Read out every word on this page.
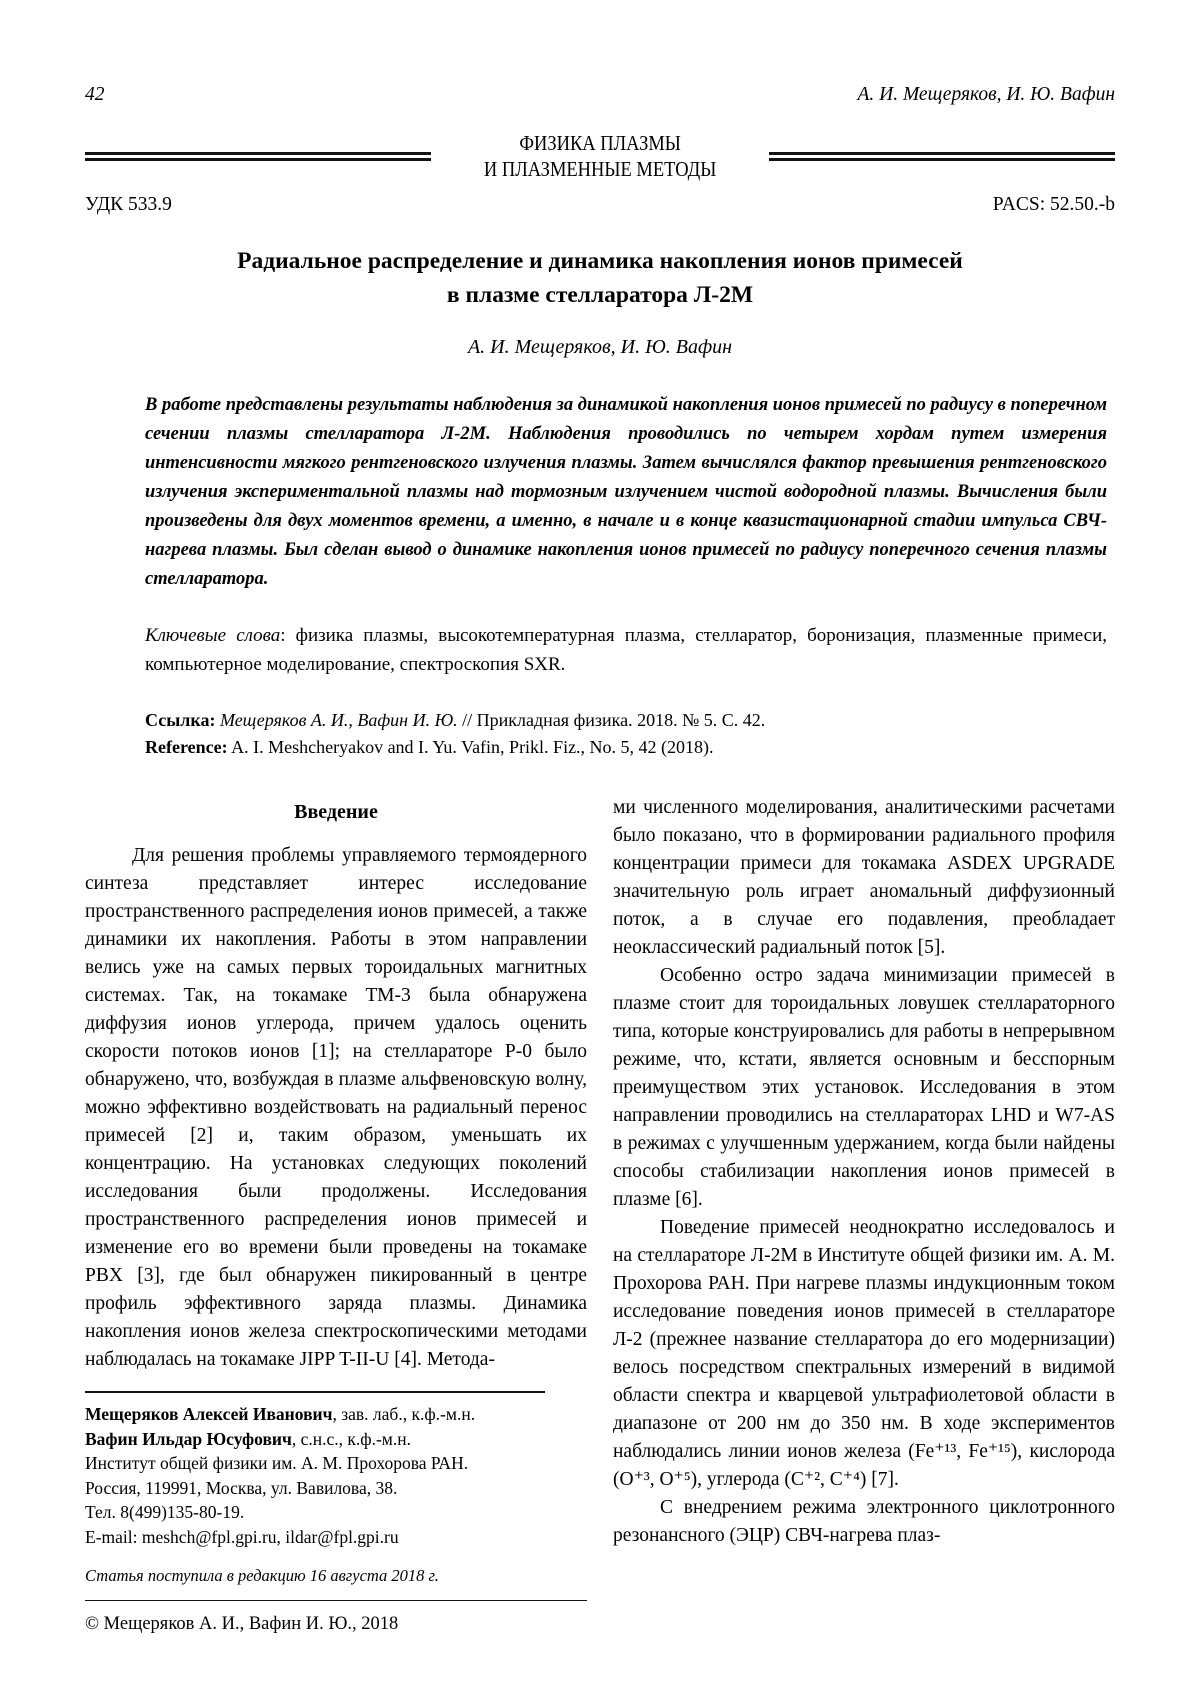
42	А. И. Мещеряков, И. Ю. Вафин
ФИЗИКА ПЛАЗМЫ
И ПЛАЗМЕННЫЕ МЕТОДЫ
УДК 533.9	PACS: 52.50.-b
Радиальное распределение и динамика накопления ионов примесей
в плазме стелларатора Л-2М
А. И. Мещеряков, И. Ю. Вафин
В работе представлены результаты наблюдения за динамикой накопления ионов примесей по радиусу в поперечном сечении плазмы стелларатора Л-2М. Наблюдения проводились по четырем хордам путем измерения интенсивности мягкого рентгеновского излучения плазмы. Затем вычислялся фактор превышения рентгеновского излучения экспериментальной плазмы над тормозным излучением чистой водородной плазмы. Вычисления были произведены для двух моментов времени, а именно, в начале и в конце квазистационарной стадии импульса СВЧ-нагрева плазмы. Был сделан вывод о динамике накопления ионов примесей по радиусу поперечного сечения плазмы стелларатора.
Ключевые слова: физика плазмы, высокотемпературная плазма, стелларатор, боронизация, плазменные примеси, компьютерное моделирование, спектроскопия SXR.
Ссылка: Мещеряков А. И., Вафин И. Ю. // Прикладная физика. 2018. № 5. С. 42.
Reference: A. I. Meshcheryakov and I. Yu. Vafin, Prikl. Fiz., No. 5, 42 (2018).
Введение

Для решения проблемы управляемого термоядерного синтеза представляет интерес исследование пространственного распределения ионов примесей, а также динамики их накопления. Работы в этом направлении велись уже на самых первых тороидальных магнитных системах. Так, на токамаке ТМ-3 была обнаружена диффузия ионов углерода, причем удалось оценить скорости потоков ионов [1]; на стеллараторе Р-0 было обнаружено, что, возбуждая в плазме альфвеновскую волну, можно эффективно воздействовать на радиальный перенос примесей [2] и, таким образом, уменьшать их концентрацию. На установках следующих поколений исследования были продолжены. Исследования пространственного распределения ионов примесей и изменение его во времени были проведены на токамаке PBX [3], где был обнаружен пикированный в центре профиль эффективного заряда плазмы. Динамика накопления ионов железа спектроскопическими методами наблюдалась на токамаке JIPP T-II-U [4]. Метода-

Мещеряков Алексей Иванович, зав. лаб., к.ф.-м.н.
Вафин Ильдар Юсуфович, с.н.с., к.ф.-м.н.
Институт общей физики им. А. М. Прохорова РАН.
Россия, 119991, Москва, ул. Вавилова, 38.
Тел. 8(499)135-80-19.
E-mail: meshch@fpl.gpi.ru, ildar@fpl.gpi.ru
Статья поступила в редакцию 16 августа 2018 г.
© Мещеряков А. И., Вафин И. Ю., 2018

ми численного моделирования, аналитическими расчетами было показано, что в формировании радиального профиля концентрации примеси для токамака ASDEX UPGRADE значительную роль играет аномальный диффузионный поток, а в случае его подавления, преобладает неоклассический радиальный поток [5].

Особенно остро задача минимизации примесей в плазме стоит для тороидальных ловушек стеллараторного типа, которые конструировались для работы в непрерывном режиме, что, кстати, является основным и бесспорным преимуществом этих установок. Исследования в этом направлении проводились на стеллараторах LHD и W7-AS в режимах с улучшенным удержанием, когда были найдены способы стабилизации накопления ионов примесей в плазме [6].

Поведение примесей неоднократно исследовалось и на стеллараторе Л-2М в Институте общей физики им. А. М. Прохорова РАН. При нагреве плазмы индукционным током исследование поведения ионов примесей в стеллараторе Л-2 (прежнее название стелларатора до его модернизации) велось посредством спектральных измерений в видимой области спектра и кварцевой ультрафиолетовой области в диапазоне от 200 нм до 350 нм. В ходе экспериментов наблюдались линии ионов железа (Fe⁺¹³, Fe⁺¹⁵), кислорода (O⁺³, O⁺⁵), углерода (C⁺², C⁺⁴) [7].

С внедрением режима электронного циклотронного резонансного (ЭЦР) СВЧ-нагрева плаз-
